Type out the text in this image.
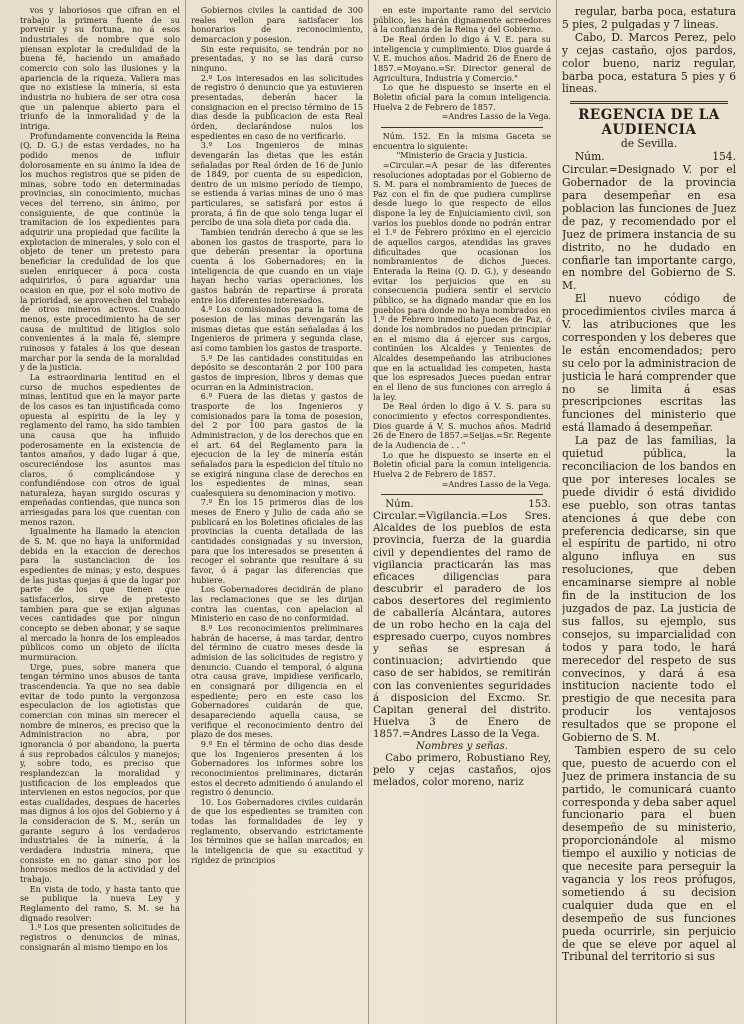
vos y laboriosos que cifran en el trabajo la primera fuente de su porvenir y su fortuna, no á esos industriales de nombre que solo piensan explotar la credulidad de la buena fé, haciendo un amañado comercio con solo las ilusiones y la apariencia de la riqueza. Valiera mas que no existiese la minería, si esta industria no hubiera de ser otra cosa que un palenque abierto para el triunfo de la inmoralidad y de la intriga.

Profundamente convencida la Reina (Q. D. G.) de estas verdades, no ha podido menos de influir dolorosamente en su ánimo la idea de los muchos registros que se piden de minas, sobre todo en determinadas provincias, sin conocimiento, muchas veces del terreno, sin ánimo, por consiguiente, de que continúe la tramitacion de los expedientes para adquirir una propiedad que facilite la explotacion de minerales, y solo con el objeto de tener un pretesto para beneficiar la credulidad de los que suelen enriquecer á poca costa adquirirlos, ó para aguardar una ocasion en que, por el solo motivo de la prioridad, se aprovechen del trabajo de otros mineros activos. Cuando menos, este procedimiento ha de ser causa de multitud de litigios solo convenientes á la mala fé, siempre ruinosos y fatales á los que desean marchar por la senda de la moralidad y de la justicia.

La estraordinaria lentitud en el curso de muchos espedientes de minas, lentitud que en la mayor parte de los casos es tan injustificada como opuesta al espíritu de la ley y reglamento del ramo, ha sido tambien una causa que ha influido poderosamente en la existencia de tantos amaños, y dado lugar á que, oscureciéndose los asuntos mas claros, ó complicándose y confundiéndose con otros de igual naturaleza, hayan surgido oscuras y empeñadas contiendas, que nunca son arriesgadas para los que cuentan con menos razon.

Igualmente ha llamado la atencion de S. M. que no haya la uniformidad debida en la exaccion de derechos para la sustanciacion de los espedientes de minas; y esto, despues de las justas quejas á que da lugar por parte de los que tienen que satisfacerlos, sirve de pretesto tambien para que se exijan algunas veces cantidades que por ningun concepto se deben abonar, y se saque al mercado la honra de los empleados públicos como un objeto de ilícita murmuracion.

Urge, pues, sobre manera que tengan término unos abusos de tanta trascendencia. Ya que no sea dable evitar de todo punto la vergonzosa especulacion de los agiotistas que comercian con minas sin merecer el nombre de mineros, es preciso que la Administracion no abra, por ignorancia ó por abandono, la puerta á sus reprobados cálculos y manejos; y, sobre todo, es preciso que resplandezcan la moralidad y justificacion de los empleados que intervienen en estos negocios, por que estas cualidades, despues de hacerles mas dignos á los ojos del Gobierno y á la consideracion de S. M., serán un garante seguro á los verdaderos industriales de la minería, á la verdadera industria minera, que consiste en no ganar sino por los honrosos medios de la actividad y del trabajo.

En vista de todo, y hasta tanto que se publique la nueva Ley y Reglamento del ramo, S. M. se ha dignado resolver:

1.º Los que presenten solicitudes de registros o denuncios de minas, consignarán al mismo tiempo en los

Gobiernos civiles la cantidad de 300 reales vellon para satisfacer los honorarios de reconocimiento, demarcacion y posesion.

Sin este requisito, se tendrán por no presentadas, y no se las dará curso ninguno.

2.º Los interesados en las solicitudes de registro ó denuncio que ya estuvieren presentadas, deberán hacer la consignacion en el preciso término de 15 dias desde la publicacion de esta Real órden, declarándose nulos los espedientes en caso de no verificarlo.

3.º Los Ingenieros de minas devengarán las dietas que les están señaladas por Real órden de 16 de Junio de 1849, por cuenta de su espedicion, dentro de un mismo período de tiempo, se estienda á varias minas de uno ó mas particulares, se satisfará por estos á prorata, á fin de que solo tenga lugar el percibo de una sola dieta por cada dia.

Tambien tendrán derecho á que se les abonen los gastos de trasporte, para lo que deberán presentar la oportuna cuenta á los Gobernadores; en la inteligencia de que cuando en un viaje hayan hecho varias operaciones, los gastos habrán de repartirse á prorata entre los diferentes interesados.

4.º Los comisionados para la toma de posesion de las minas devengarán las mismas dietas que están señaladas á los Ingenieros de primera y segunda clase, así como tambien los gastos de trasporte.

5.º De las cantidades constituidas en depósito se descontarán 2 por 100 para gastos de impresion, libros y demas que ocurran en la Administracion.

6.º Fuera de las dietas y gastos de trasporte de los Ingenieros y comisionados para la toma de posesion, del 2 por 100 para gastos de la Administracion, y de los derechos que en el art. 64 del Reglamento para la ejecucion de la ley de minería están señalados para la espedicion del título no se exigirá ninguna clase de derechos en los espedientes de minas, sean cualesquiera su denominacion y motivo.

7.º En los 15 primeros dias de los meses de Enero y Julio de cada año se publicará en los Boletines oficiales de las provincias la cuenta detallada de las cantidades consignadas y su inversion, para que los interesados se presenten á recoger el sobrante que resultare á su favor, ó á pagar las diferencias que hubiere.

Los Gobernadores decidirán de plano las reclamaciones que se les dirijan contra las cuentas, con apelacion al Ministerio en caso de no conformidad.

8.º Los reconocimientos preliminares habrán de hacerse, á mas tardar, dentro del término de cuatro meses desde la admision de las solicitudes de registro y denuncio. Cuando el temporal, ó alguna otra causa grave, impidiese verificarlo, en consignará por diligencia en el espediente; pero en este caso los Gobernadores cuidarán de que, desapareciendo aquella causa, se verifique el reconocimiento dentro del plazo de dos meses.

9.º En el término de ocho dias desde que los Ingenieros presenten á los Gobernadores los informes sobre los reconocimientos preliminares, dictarán estos el decreto admitiendo ó anulando el registro ó denuncio.

10. Los Gobernadores civiles cuidarán de que los espedientes se tramiten con todas las formalidades de ley y reglamento, observando estrictamente los términos que se hallan marcados; en la inteligencia de que su exactitud y rigidez de principios

en este importante ramo del servicio público, les harán dignamente acreedores á la confianza de la Reina y del Gobierno.

De Real órden lo digo á V. E. para su inteligencia y cumplimiento. Dios guarde á V. E. muchos años. Madrid 26 de Enero de 1857.=Moyano.=Sr. Director general de Agricultura, Industria y Comercio."

Lo que he dispuesto se inserte en el Boletin oficial para la comun inteligencia. Huelva 2 de Febrero de 1857.

=Andres Lasso de la Vega.

Núm. 152. En la misma Gaceta se encuentra lo siguiente:

"Ministerio de Gracia y Justicia.

=Circular.=A pesar de las diferentes resoluciones adoptadas por el Gobierno de S. M. para el nombramiento de Jueces de Paz con el fin de que pudiera cumplirse desde luego lo que respecto de ellos dispone la ley de Enjuiciamiento civil, son varios los pueblos donde no podrán entrar el 1.º de Febrero próximo en el ejercicio de aquellos cargos, atendidas las graves dificultades que ocasionan los nombramientos de dichos Jueces. Enterada la Reina (Q. D. G.), y deseando evitar los perjuicios que en su consecuencia pudiera sentir el servicio público, se ha dignado mandar que en los pueblos para donde no haya nombrados en 1.º de Febrero inmediato Jueces de Paz, ó donde los nombrados no puedan principiar en el mismo dia á ejercer sus cargos, continúen los Alcaldes y Tenientes de Alcaldes desempeñando las atribuciones que en la actualidad les competen, hasta que los espresados Jueces puedan entrar en el lleno de sus funciones con arreglo á la ley.

De Real órden lo digo á V. S. para su conocimiento y efectos correspondientes. Dios guarde á V. S. muchos años. Madrid 26 de Enero de 1857.=Seijas.=Sr. Regente de la Audiencia de . . "

Lo que he dispuesto se inserte en el Boletin oficial para la comun inteligencia. Huelva 2 de Febrero de 1857.

=Andres Lasso de la Vega.

Núm. 153. Circular.=Vigilancia.=Los Sres. Alcaldes de los pueblos de esta provincia, fuerza de la guardia civil y dependientes del ramo de vigilancia practicarán las mas eficaces diligencias para descubrir el paradero de los cabos desertores del regimiento de caballería Alcántara, autores de un robo hecho en la caja del espresado cuerpo, cuyos nombres y señas se espresan á continuacion; advirtiendo que caso de ser habidos, se remitirán con las convenientes seguridades á disposicion del Excmo. Sr. Capitan general del distrito. Huelva 3 de Enero de 1857.=Andres Lasso de la Vega.

Nombres y señas.

Cabo primero, Robustiano Rey, pelo y cejas castaños, ojos melados, color moreno, nariz

regular, barba poca, estatura 5 pies, 2 pulgadas y 7 lineas.

Cabo, D. Marcos Perez, pelo y cejas castaño, ojos pardos, color bueno, nariz regular, barba poca, estatura 5 pies y 6 lineas.

REGENCIA DE LA AUDIENCIA

de Sevilla.

Núm. 154. Circular.=Designado V. por el Gobernador de la provincia para desempeñar en esa poblacion las funciones de Juez de paz, y recomendado por el Juez de primera instancia de su distrito, no he dudado en confiarle tan importante cargo, en nombre del Gobierno de S. M.

El nuevo código de procedimientos civiles marca á V. las atribuciones que les corresponden y los deberes que le están encomendados; pero su celo por la administracion de justicia le hará comprender que no se limita á esas prescripciones escritas las funciones del ministerio que está llamado á desempeñar.

La paz de las familias, la quietud pública, la reconciliacion de los bandos en que por intereses locales se puede dividir ó está dividido ese pueblo, son otras tantas atenciones á que debe con preferencia dedicarse, sin que el espíritu de partido, ni otro alguno influya en sus resoluciones, que deben encaminarse siempre al noble fin de la institucion de los juzgados de paz. La justicia de sus fallos, su ejemplo, sus consejos, su imparcialidad con todos y para todo, le hará merecedor del respeto de sus convecinos, y dará á esa institucion naciente todo el prestigio de que necesita para producir los ventajosos resultados que se propone el Gobierno de S. M.

Tambien espero de su celo que, puesto de acuerdo con el Juez de primera instancia de su partido, le comunicará cuanto corresponda y deba saber aquel funcionario para el buen desempeño de su ministerio, proporcionándole al mismo tiempo el auxilio y noticias de que necesite para perseguir la vagancia y los reos prófugos, sometiendo á su decision cualquier duda que en el desempeño de sus funciones pueda ocurrirle, sin perjuicio de que se eleve por aquel al Tribunal del territorio si sus
